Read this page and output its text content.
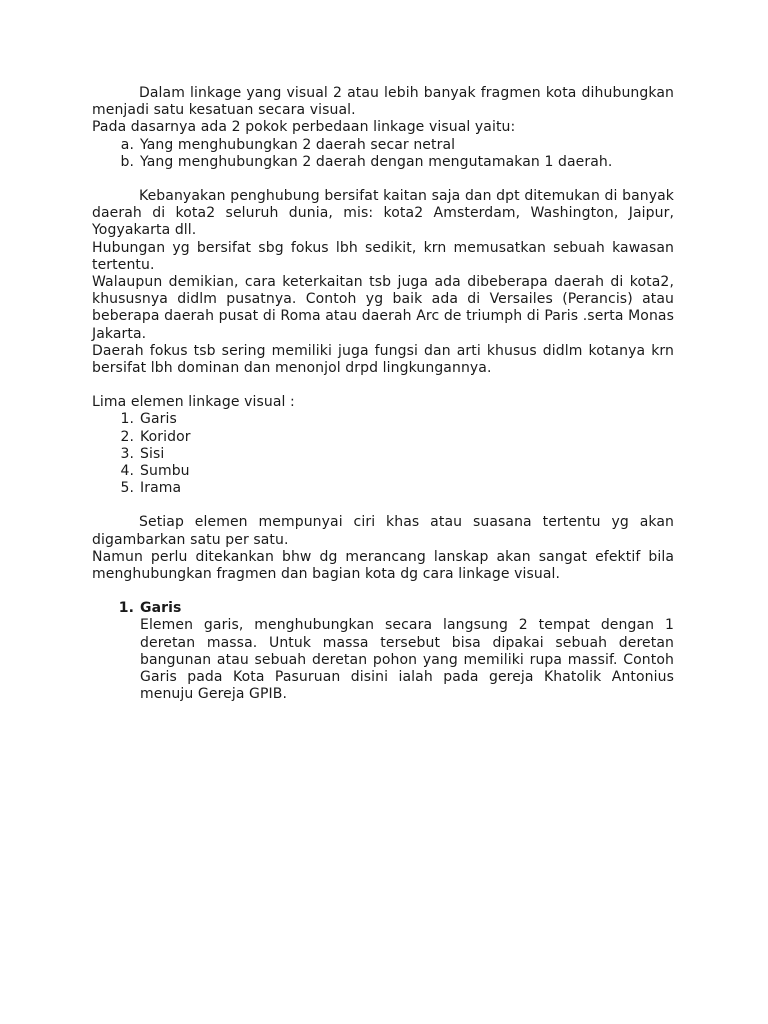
Dalam linkage yang visual 2 atau lebih banyak fragmen kota dihubungkan menjadi satu kesatuan secara visual.

Pada dasarnya ada 2 pokok perbedaan linkage visual yaitu:

a. Yang menghubungkan 2 daerah secar netral
b. Yang menghubungkan 2 daerah dengan mengutamakan 1 daerah.

Kebanyakan penghubung bersifat kaitan saja dan dpt ditemukan di banyak daerah di kota2 seluruh dunia, mis: kota2 Amsterdam, Washington, Jaipur, Yogyakarta dll.

Hubungan yg bersifat sbg fokus lbh sedikit, krn memusatkan sebuah kawasan tertentu.

Walaupun demikian, cara keterkaitan tsb juga ada dibeberapa daerah di kota2, khususnya didlm pusatnya. Contoh yg baik ada di Versailes (Perancis) atau beberapa daerah pusat di Roma atau daerah Arc de triumph di Paris .serta Monas Jakarta.

Daerah fokus tsb sering memiliki juga fungsi dan arti khusus didlm kotanya krn bersifat lbh dominan dan menonjol drpd lingkungannya.

Lima elemen linkage visual :

1. Garis
2. Koridor
3. Sisi
4. Sumbu
5. Irama

Setiap elemen mempunyai ciri khas atau suasana tertentu yg akan digambarkan satu per satu.

Namun perlu ditekankan bhw dg merancang lanskap akan sangat efektif bila menghubungkan fragmen dan bagian kota dg cara linkage visual.

1. Garis

Elemen garis, menghubungkan secara langsung 2 tempat dengan 1 deretan massa. Untuk massa tersebut bisa dipakai sebuah deretan bangunan atau sebuah deretan pohon yang memiliki rupa massif. Contoh Garis pada Kota Pasuruan disini ialah pada gereja Khatolik Antonius menuju Gereja GPIB.
